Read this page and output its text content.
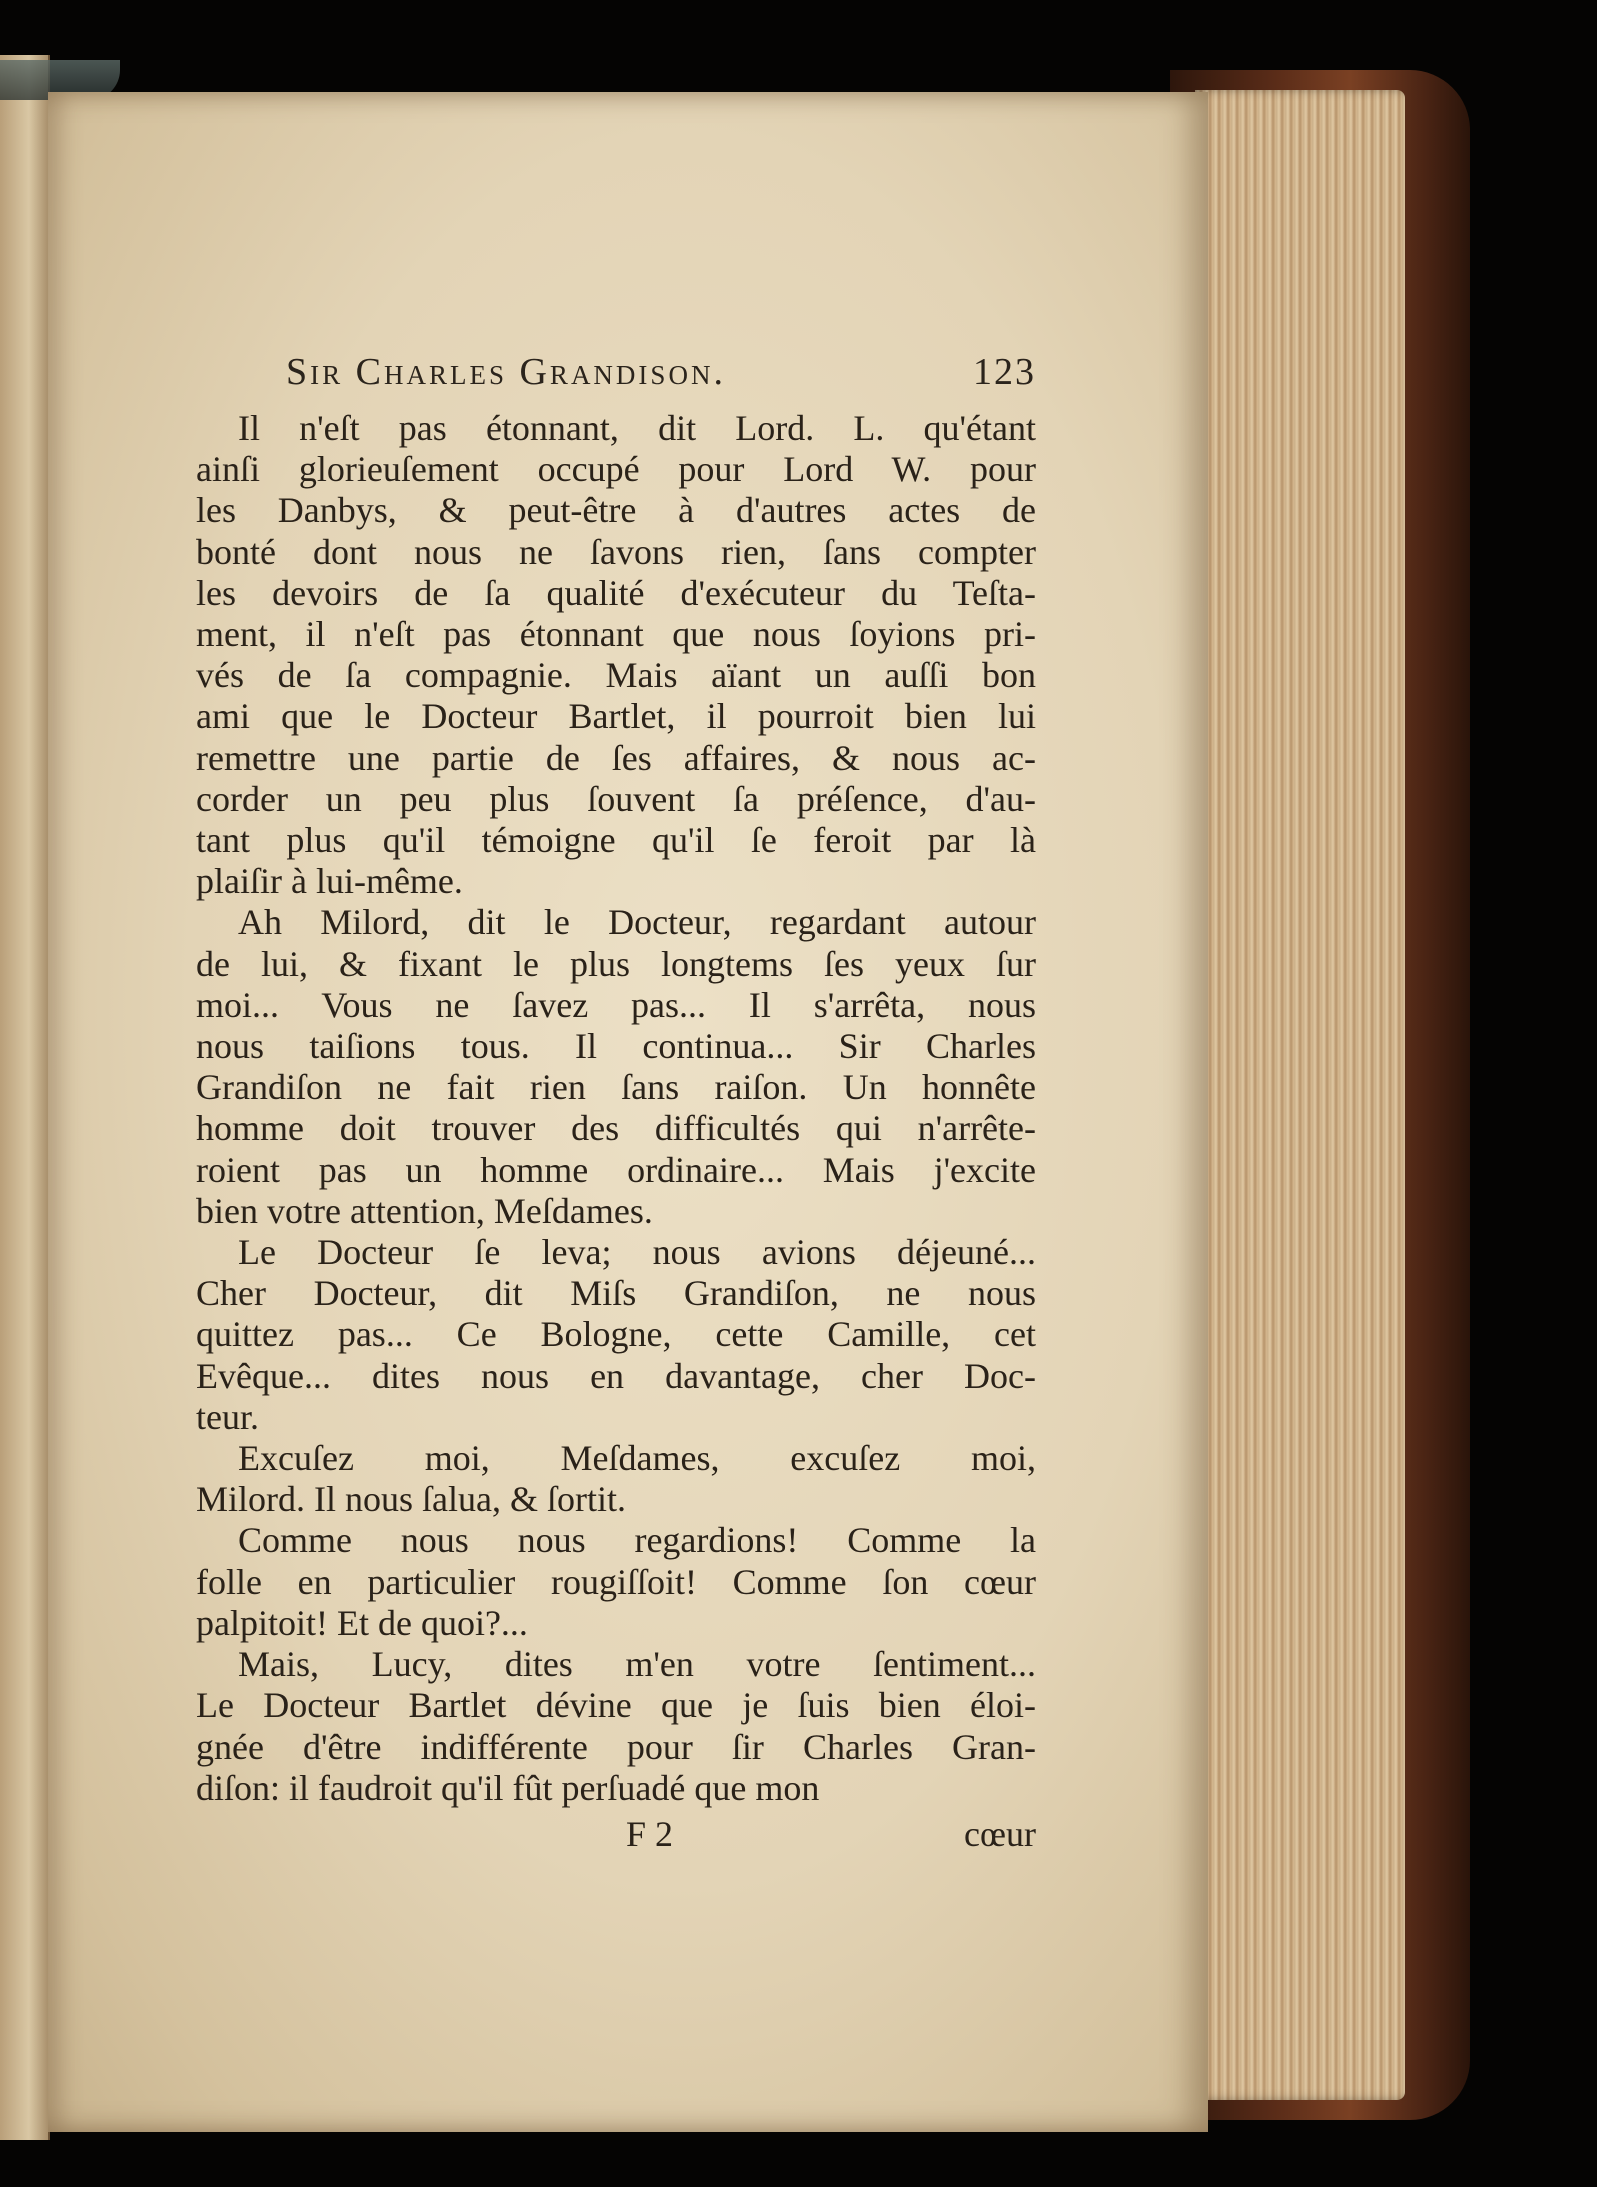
Sir Charles Grandison.	123

Il n'eſt pas étonnant, dit Lord. L. qu'étant

ainſi glorieuſement occupé pour Lord W. pour

les Danbys, & peut-être à d'autres actes de

bonté dont nous ne ſavons rien, ſans compter

les devoirs de ſa qualité d'exécuteur du Teſta-

ment, il n'eſt pas étonnant que nous ſoyions pri-

vés de ſa compagnie. Mais aïant un auſſi bon

ami que le Docteur Bartlet, il pourroit bien lui

remettre une partie de ſes affaires, & nous ac-

corder un peu plus ſouvent ſa préſence, d'au-

tant plus qu'il témoigne qu'il ſe feroit par là

plaiſir à lui-même.

Ah Milord, dit le Docteur, regardant autour

de lui, & fixant le plus longtems ſes yeux ſur

moi... Vous ne ſavez pas... Il s'arrêta, nous

nous taiſions tous. Il continua... Sir Charles

Grandiſon ne fait rien ſans raiſon. Un honnête

homme doit trouver des difficultés qui n'arrête-

roient pas un homme ordinaire... Mais j'excite

bien votre attention, Meſdames.

Le Docteur ſe leva; nous avions déjeuné...

Cher Docteur, dit Miſs Grandiſon, ne nous

quittez pas... Ce Bologne, cette Camille, cet

Evêque... dites nous en davantage, cher Doc-

teur.

Excuſez moi, Meſdames, excuſez moi,

Milord. Il nous ſalua, & ſortit.

Comme nous nous regardions! Comme la

folle en particulier rougiſſoit! Comme ſon cœur

palpitoit! Et de quoi?...

Mais, Lucy, dites m'en votre ſentiment...

Le Docteur Bartlet dévine que je ſuis bien éloi-

gnée d'être indifférente pour ſir Charles Gran-

diſon: il faudroit qu'il fût perſuadé que mon

F 2	cœur
